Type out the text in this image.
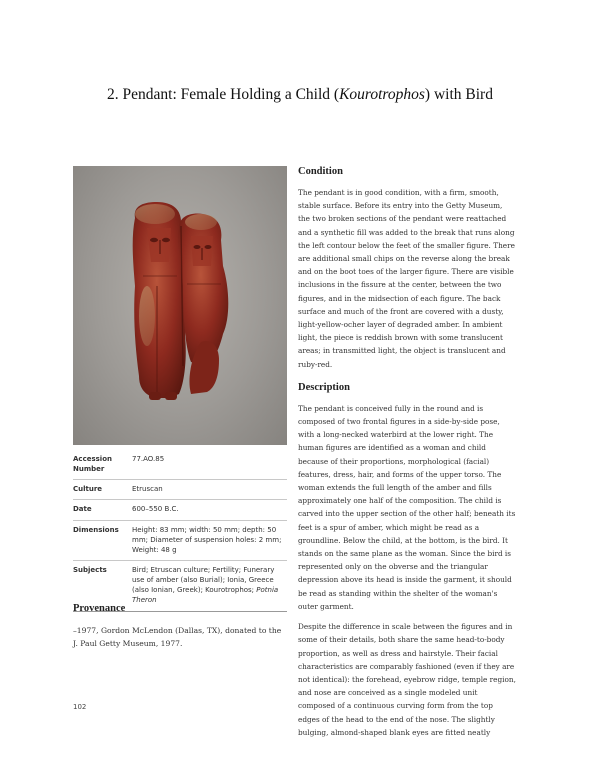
2. Pendant: Female Holding a Child (Kourotrophos) with Bird
Accession Number	77.AO.85
Culture	Etruscan
Date	600–550 B.C.
Dimensions	Height: 83 mm; width: 50 mm; depth: 50 mm; Diameter of suspension holes: 2 mm; Weight: 48 g
Subjects	Bird; Etruscan culture; Fertility; Funerary use of amber (also Burial); Ionia, Greece (also Ionian, Greek); Kourotrophos; Potnia Theron
Provenance
–1977, Gordon McLendon (Dallas, TX), donated to the J. Paul Getty Museum, 1977.
Condition

The pendant is in good condition, with a firm, smooth, stable surface. Before its entry into the Getty Museum, the two broken sections of the pendant were reattached and a synthetic fill was added to the break that runs along the left contour below the feet of the smaller figure. There are additional small chips on the reverse along the break and on the boot toes of the larger figure. There are visible inclusions in the fissure at the center, between the two figures, and in the midsection of each figure. The back surface and much of the front are covered with a dusty, light-yellow-ocher layer of degraded amber. In ambient light, the piece is reddish brown with some translucent areas; in transmitted light, the object is translucent and ruby-red.

Description

The pendant is conceived fully in the round and is composed of two frontal figures in a side-by-side pose, with a long-necked waterbird at the lower right. The human figures are identified as a woman and child because of their proportions, morphological (facial) features, dress, hair, and forms of the upper torso. The woman extends the full length of the amber and fills approximately one half of the composition. The child is carved into the upper section of the other half; beneath its feet is a spur of amber, which might be read as a groundline. Below the child, at the bottom, is the bird. It stands on the same plane as the woman. Since the bird is represented only on the obverse and the triangular depression above its head is inside the garment, it should be read as standing within the shelter of the woman's outer garment.

Despite the difference in scale between the figures and in some of their details, both share the same head-to-body proportion, as well as dress and hairstyle. Their facial characteristics are comparably fashioned (even if they are not identical): the forehead, eyebrow ridge, temple region, and nose are conceived as a single modeled unit composed of a continuous curving form from the top edges of the head to the end of the nose. The slightly bulging, almond-shaped blank eyes are fitted neatly

102
